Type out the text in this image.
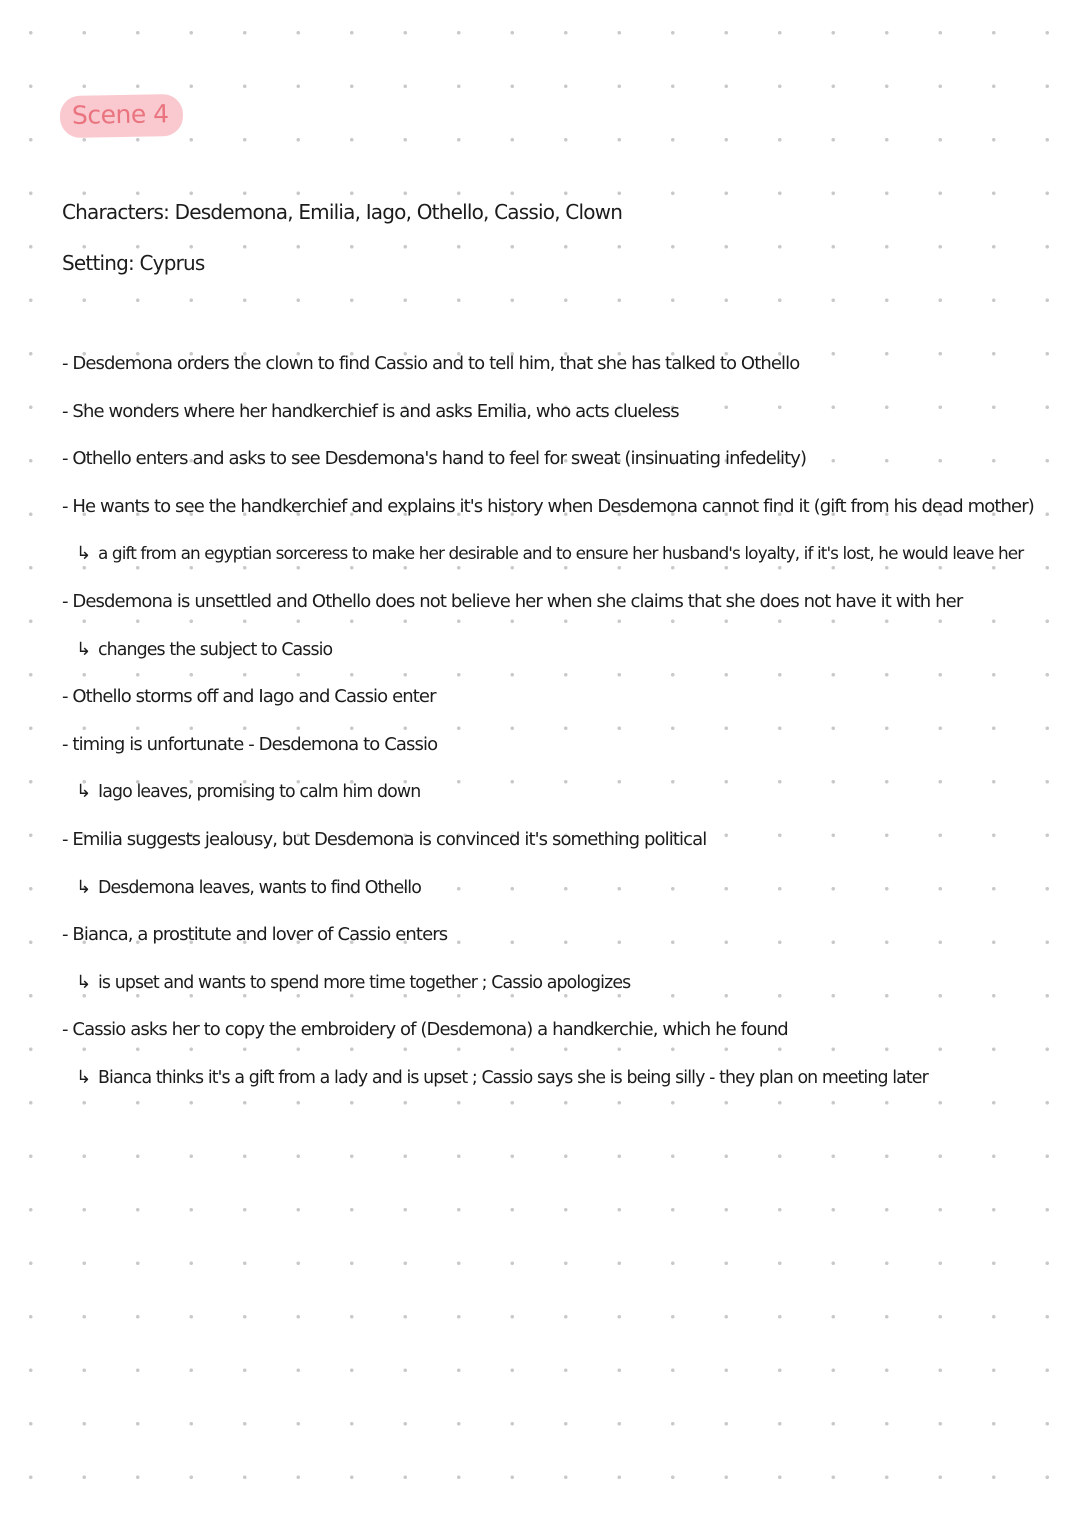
Scene 4
Characters: Desdemona, Emilia, Iago, Othello, Cassio, Clown
Setting: Cyprus
- Desdemona orders the clown to find Cassio and to tell him, that she has talked to Othello
- She wonders where her handkerchief is and asks Emilia, who acts clueless
- Othello enters and asks to see Desdemona's hand to feel for sweat (insinuating infedelity)
- He wants to see the handkerchief and explains it's history when Desdemona cannot find it (gift from his dead mother)
↳ a gift from an egyptian sorceress to make her desirable and to ensure her husband's loyalty, if it's lost, he would leave her
- Desdemona is unsettled and Othello does not believe her when she claims that she does not have it with her
↳ changes the subject to Cassio
- Othello storms off and Iago and Cassio enter
- timing is unfortunate - Desdemona to Cassio
↳ Iago leaves, promising to calm him down
- Emilia suggests jealousy, but Desdemona is convinced it's something political
↳ Desdemona leaves, wants to find Othello
- Bianca, a prostitute and lover of Cassio enters
↳ is upset and wants to spend more time together ; Cassio apologizes
- Cassio asks her to copy the embroidery of (Desdemona) a handkerchie, which he found
↳ Bianca thinks it's a gift from a lady and is upset ; Cassio says she is being silly - they plan on meeting later
